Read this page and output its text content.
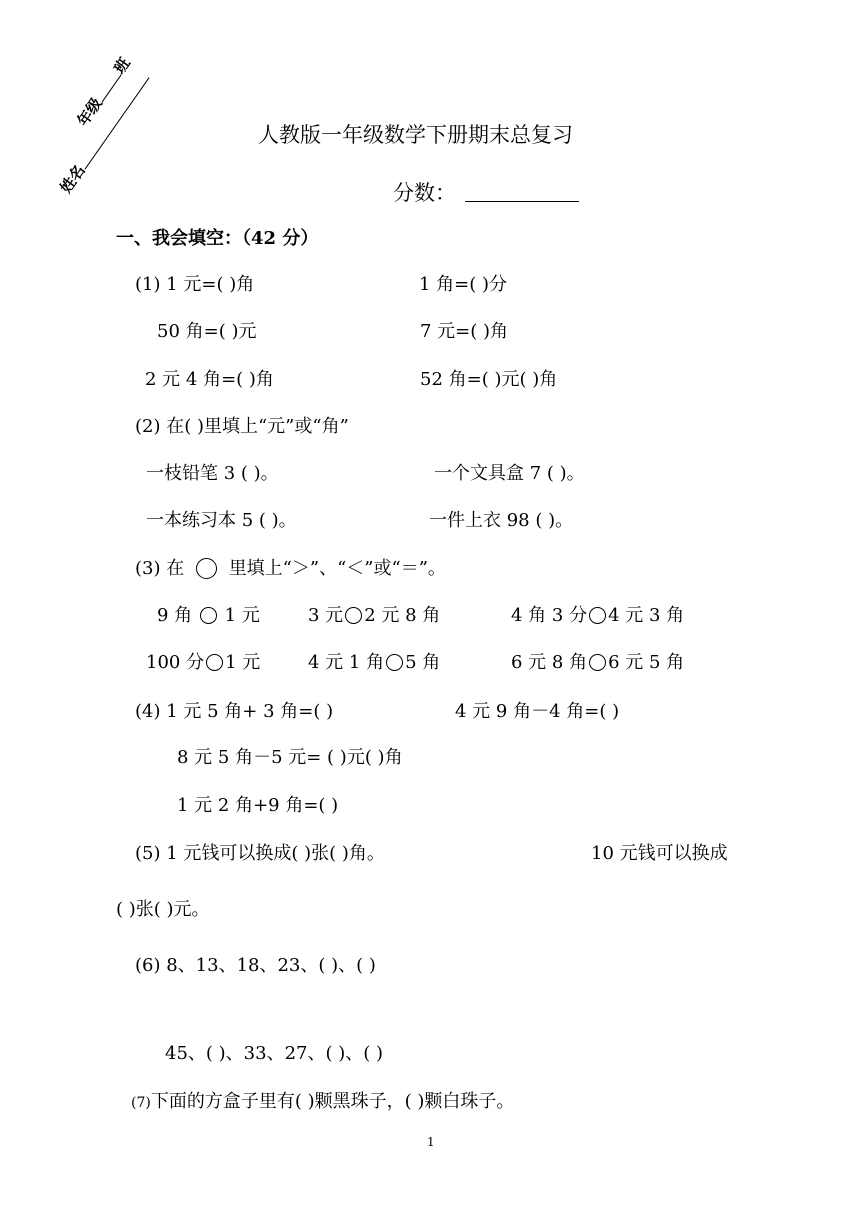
年级班
姓名
人教版一年级数学下册期末总复习
分数：
一、我会填空：（42 分）
(1) 1 元=( )角	1 角=( )分
50 角=( )元	7 元=( )角
2 元 4 角=( )角	52 角=( )元( )角
(2) 在( )里填上“元”或“角”
一枝铅笔 3 ( )。	一个文具盒 7 ( )。
一本练习本 5 ( )。	一件上衣 98 ( )。
(3) 在 里填上“＞”、“＜”或“＝”。
9 角 1 元	3 元 2 元 8 角	4 角 3 分 4 元 3 角
100 分 1 元	4 元 1 角 5 角	6 元 8 角 6 元 5 角
(4) 1 元 5 角+ 3 角=( )	4 元 9 角－4 角=( )
8 元 5 角－5 元= ( )元( )角
1 元 2 角+9 角=( )
(5) 1 元钱可以换成( )张( )角。	10 元钱可以换成
( )张( )元。
(6) 8、13、18、23、( )、( )
45、( )、33、27、( )、( )
(7)下面的方盒子里有( )颗黑珠子，( )颗白珠子。
1
